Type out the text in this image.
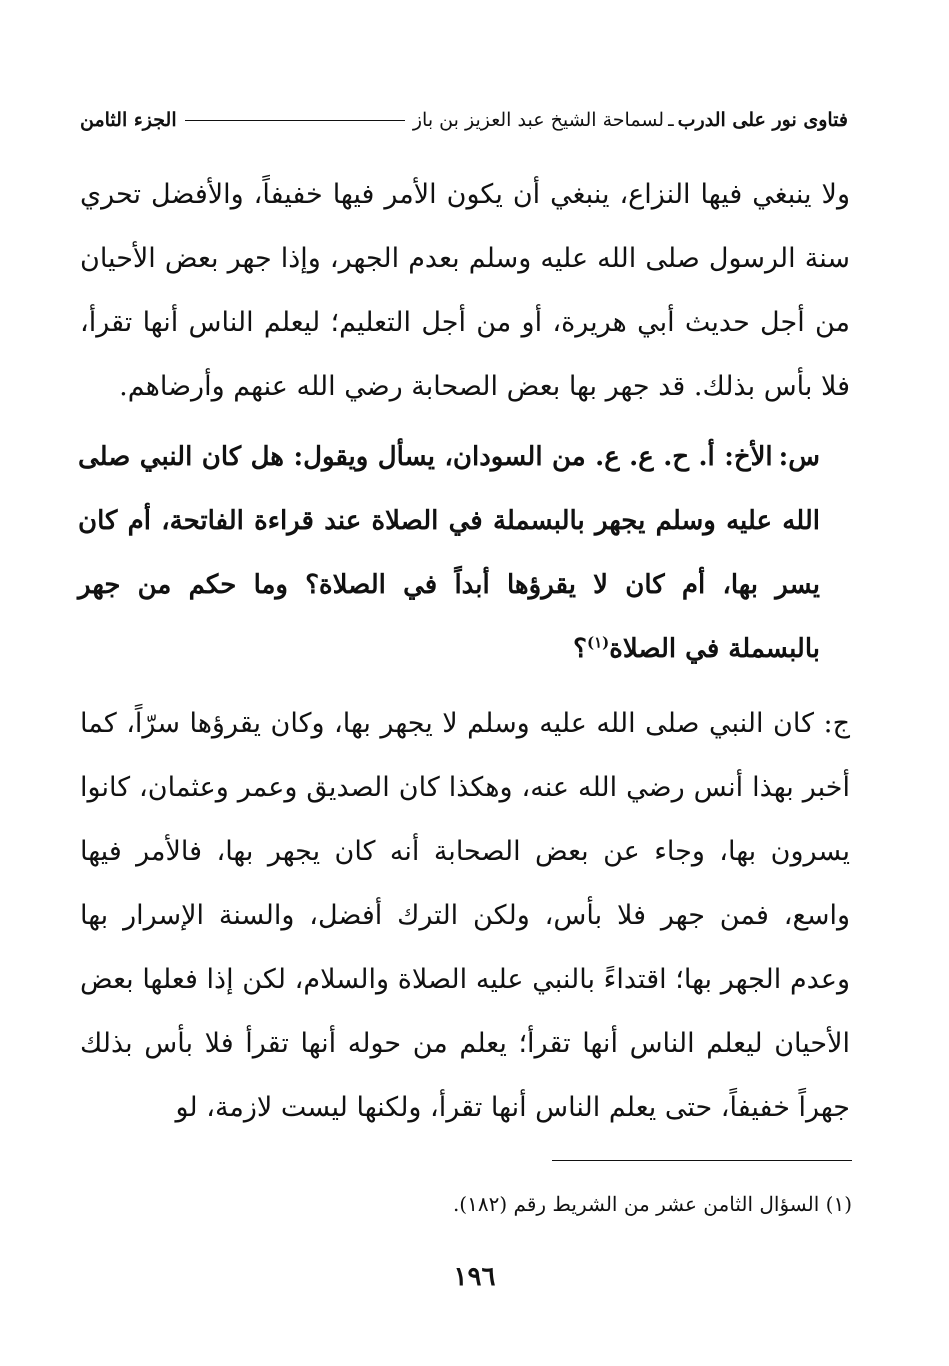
فتاوى نور على الدرب
ـ
لسماحة الشيخ عبد العزيز بن باز
الجزء الثامن
ولا ينبغي فيها النزاع، ينبغي أن يكون الأمر فيها خفيفاً، والأفضل تحري سنة الرسول صلى الله عليه وسلم بعدم الجهر، وإذا جهر بعض الأحيان من أجل حديث أبي هريرة، أو من أجل التعليم؛ ليعلم الناس أنها تقرأ، فلا بأس بذلك. قد جهر بها بعض الصحابة رضي الله عنهم وأرضاهم.
س:الأخ: أ. ح. ع. ع. من السودان، يسأل ويقول: هل كان النبي صلى الله عليه وسلم يجهر بالبسملة في الصلاة عند قراءة الفاتحة، أم كان يسر بها، أم كان لا يقرؤها أبداً في الصلاة؟ وما حكم من جهر بالبسملة في الصلاة$^{(١)}$؟
ج: كان النبي صلى الله عليه وسلم لا يجهر بها، وكان يقرؤها سرّاً، كما أخبر بهذا أنس رضي الله عنه، وهكذا كان الصديق وعمر وعثمان، كانوا يسرون بها، وجاء عن بعض الصحابة أنه كان يجهر بها، فالأمر فيها واسع، فمن جهر فلا بأس، ولكن الترك أفضل، والسنة الإسرار بها وعدم الجهر بها؛ اقتداءً بالنبي عليه الصلاة والسلام، لكن إذا فعلها بعض الأحيان ليعلم الناس أنها تقرأ؛ يعلم من حوله أنها تقرأ فلا بأس بذلك جهراً خفيفاً، حتى يعلم الناس أنها تقرأ، ولكنها ليست لازمة، لو
(١) السؤال الثامن عشر من الشريط رقم (١٨٢).
١٩٦
